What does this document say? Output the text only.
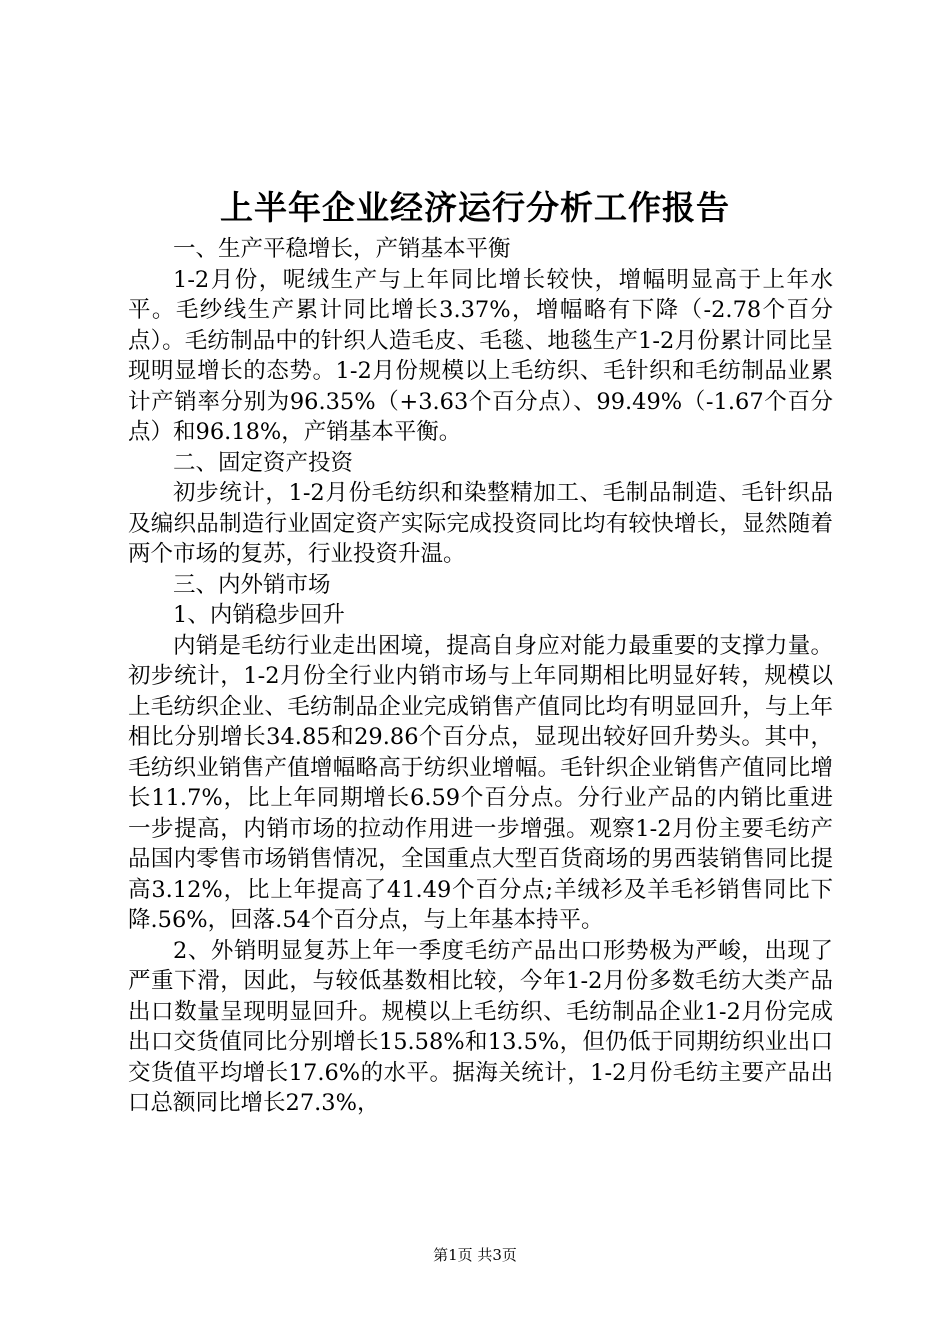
上半年企业经济运行分析工作报告

一、生产平稳增长，产销基本平衡

1-2月份，呢绒生产与上年同比增长较快，增幅明显高于上年水平。毛纱线生产累计同比增长3.37%，增幅略有下降（-2.78个百分点）。毛纺制品中的针织人造毛皮、毛毯、地毯生产1-2月份累计同比呈现明显增长的态势。1-2月份规模以上毛纺织、毛针织和毛纺制品业累计产销率分别为96.35%（+3.63个百分点）、99.49%（-1.67个百分点）和96.18%，产销基本平衡。

二、固定资产投资

初步统计，1-2月份毛纺织和染整精加工、毛制品制造、毛针织品及编织品制造行业固定资产实际完成投资同比均有较快增长，显然随着两个市场的复苏，行业投资升温。

三、内外销市场

1、内销稳步回升

内销是毛纺行业走出困境，提高自身应对能力最重要的支撑力量。初步统计，1-2月份全行业内销市场与上年同期相比明显好转，规模以上毛纺织企业、毛纺制品企业完成销售产值同比均有明显回升，与上年相比分别增长34.85和29.86个百分点，显现出较好回升势头。其中，毛纺织业销售产值增幅略高于纺织业增幅。毛针织企业销售产值同比增长11.7%，比上年同期增长6.59个百分点。分行业产品的内销比重进一步提高，内销市场的拉动作用进一步增强。观察1-2月份主要毛纺产品国内零售市场销售情况，全国重点大型百货商场的男西装销售同比提高3.12%，比上年提高了41.49个百分点;羊绒衫及羊毛衫销售同比下降.56%，回落.54个百分点，与上年基本持平。

2、外销明显复苏上年一季度毛纺产品出口形势极为严峻，出现了严重下滑，因此，与较低基数相比较，今年1-2月份多数毛纺大类产品出口数量呈现明显回升。规模以上毛纺织、毛纺制品企业1-2月份完成出口交货值同比分别增长15.58%和13.5%，但仍低于同期纺织业出口交货值平均增长17.6%的水平。据海关统计，1-2月份毛纺主要产品出口总额同比增长27.3%，

第1页 共3页
